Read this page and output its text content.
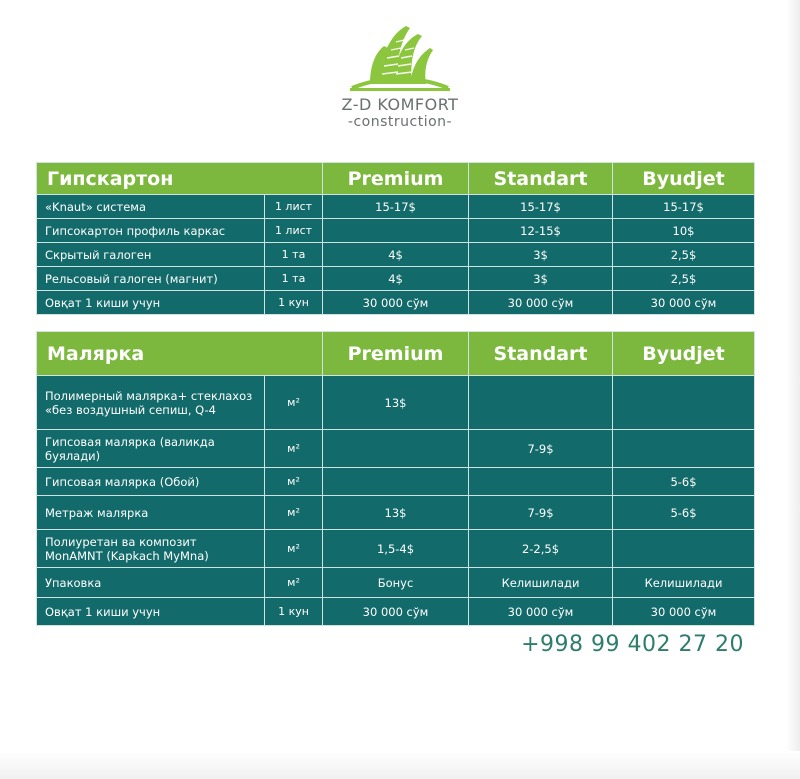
Z-D KOMFORT
-construction-
Гипскартон		Premium	Standart	Byudjet
«Knaut» система	1 лист	15-17$	15-17$	15-17$
Гипсокартон профиль каркас	1 лист		12-15$	10$
Скрытый галоген	1 та	4$	3$	2,5$
Рельсовый галоген (магнит)	1 та	4$	3$	2,5$
Овқат 1 киши учун	1 кун	30 000 сўм	30 000 сўм	30 000 сўм
Малярка		Premium	Standart	Byudjet
Полимерный малярка+ стеклахоз «без воздушный сепиш, Q-4	м²	13$		
Гипсовая малярка (валикда буялади)	м²		7-9$	
Гипсовая малярка (Обой)	м²			5-6$
Метраж малярка	м²	13$	7-9$	5-6$
Полиуретан ва композит MonAMNT (Kapkach MyMna)	м²	1,5-4$	2-2,5$	
Упаковка	м²	Бонус	Келишилади	Келишилади
Овқат 1 киши учун	1 кун	30 000 сўм	30 000 сўм	30 000 сўм
+998 99 402 27 20
